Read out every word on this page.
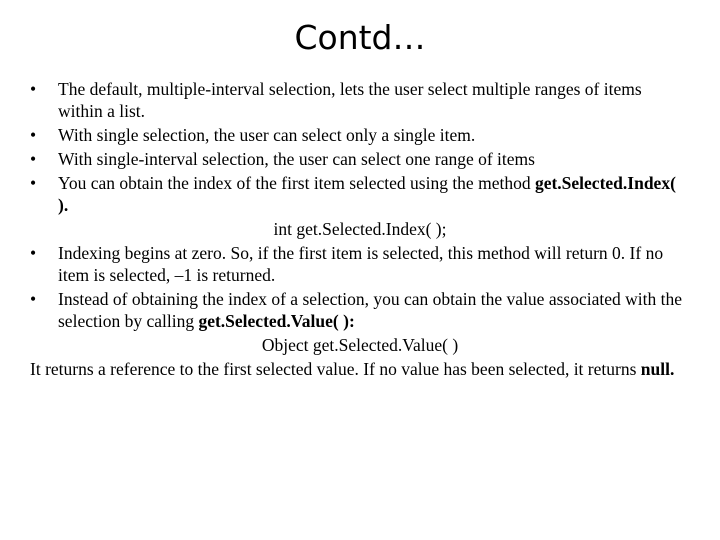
Contd…
•	The default, multiple-interval selection, lets the user select multiple ranges of items within a list.
•	With single selection, the user can select only a single item.
•	With single-interval selection, the user can select one range of items
•	You can obtain the index of the first item selected using the method get.Selected.Index( ).
int get.Selected.Index( );
•	Indexing begins at zero. So, if the first item is selected, this method will return 0. If no item is selected, –1 is returned.
•	Instead of obtaining the index of a selection, you can obtain the value associated with the selection by calling get.Selected.Value( ):
Object get.Selected.Value( )

It returns a reference to the first selected value. If no value has been selected, it returns null.
